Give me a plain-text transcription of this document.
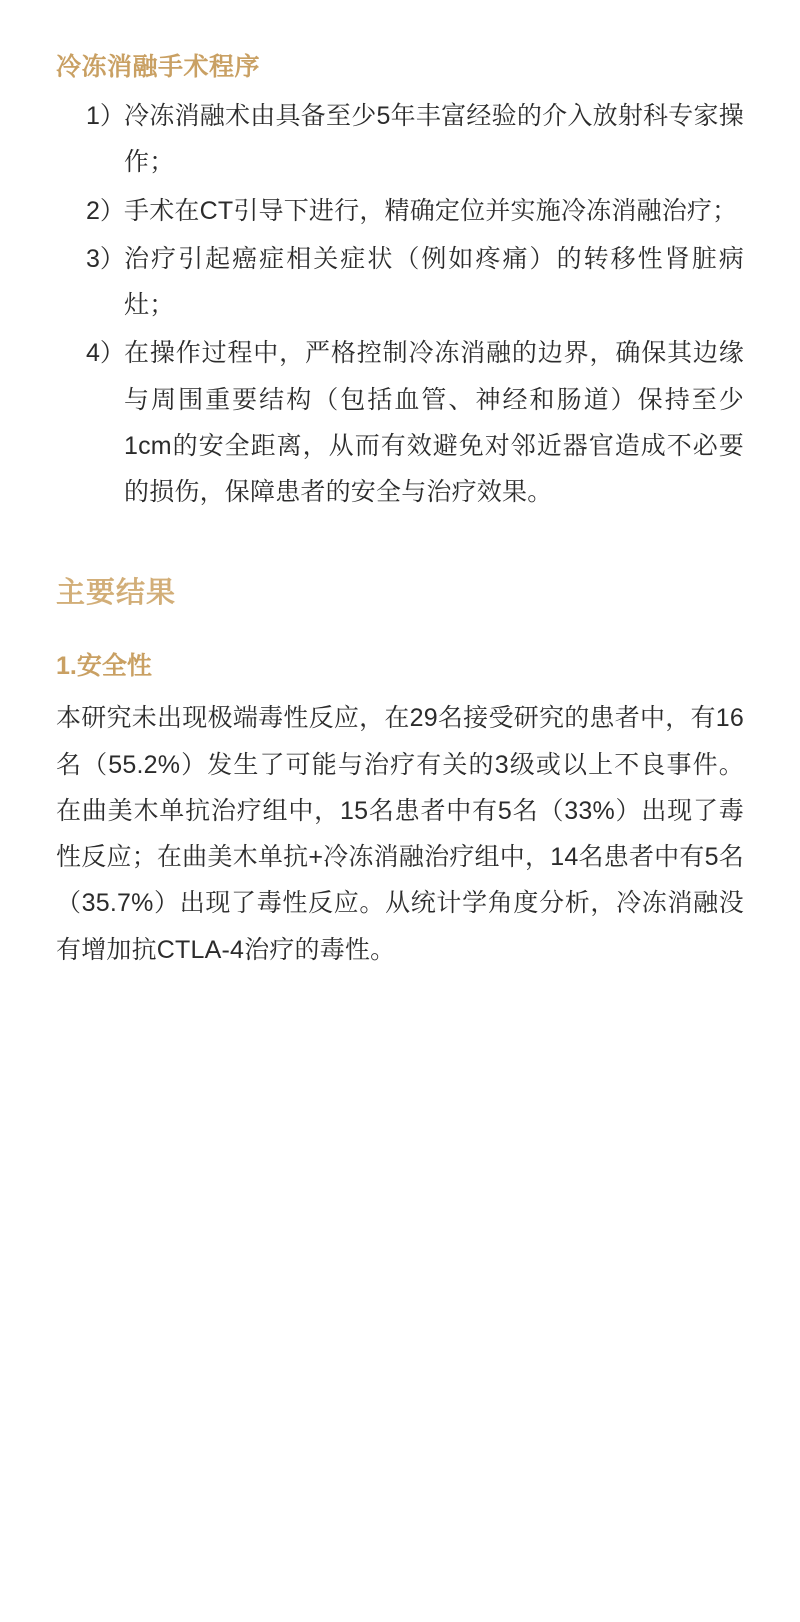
冷冻消融手术程序
1） 冷冻消融术由具备至少5年丰富经验的介入放射科专家操作；
2） 手术在CT引导下进行，精确定位并实施冷冻消融治疗；
3） 治疗引起癌症相关症状（例如疼痛）的转移性肾脏病灶；
4） 在操作过程中，严格控制冷冻消融的边界，确保其边缘与周围重要结构（包括血管、神经和肠道）保持至少1cm的安全距离，从而有效避免对邻近器官造成不必要的损伤，保障患者的安全与治疗效果。
主要结果
1.安全性

本研究未出现极端毒性反应，在29名接受研究的患者中，有16名（55.2%）发生了可能与治疗有关的3级或以上不良事件。在曲美木单抗治疗组中，15名患者中有5名（33%）出现了毒性反应；在曲美木单抗+冷冻消融治疗组中，14名患者中有5名（35.7%）出现了毒性反应。从统计学角度分析，冷冻消融没有增加抗CTLA-4治疗的毒性。
